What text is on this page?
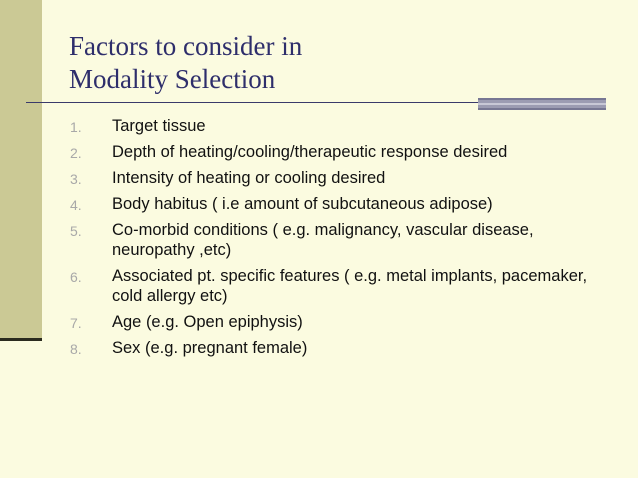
Factors to consider in
Modality Selection
1. Target tissue
2. Depth of heating/cooling/therapeutic response desired
3. Intensity of heating or cooling desired
4. Body habitus ( i.e amount of subcutaneous adipose)
5. Co-morbid conditions ( e.g. malignancy, vascular disease, neuropathy ,etc)
6. Associated pt. specific features ( e.g. metal implants, pacemaker, cold allergy etc)
7. Age (e.g. Open epiphysis)
8. Sex (e.g. pregnant female)
